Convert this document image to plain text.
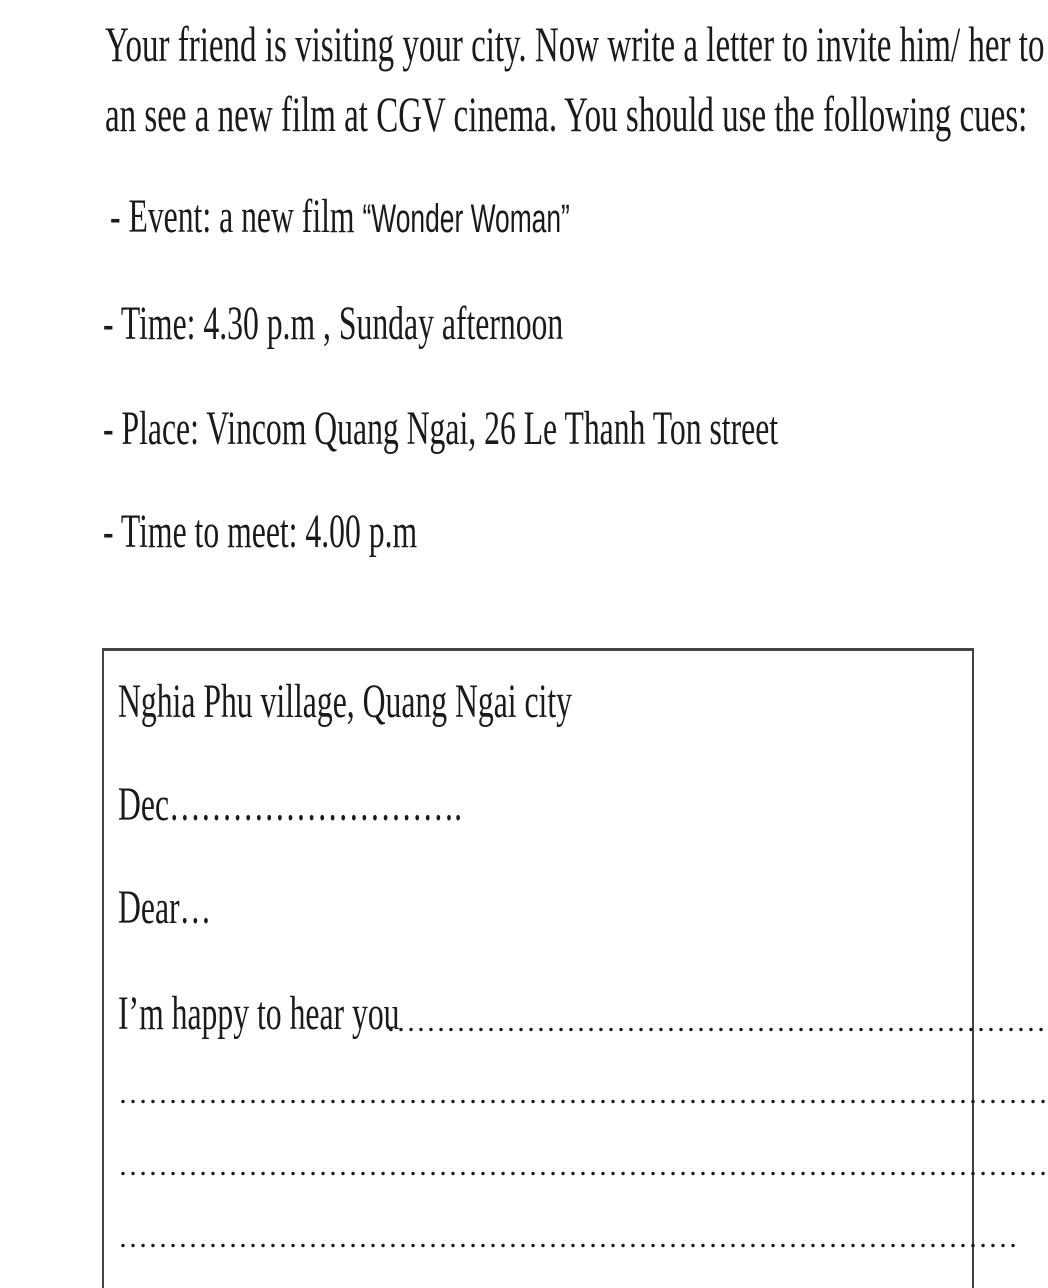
Your friend is visiting your city. Now write a letter to invite him/ her to
an see a new film at CGV cinema. You should use the following cues:
- Event: a new film “Wonder Woman”
- Time: 4.30 p.m , Sunday afternoon
- Place: Vincom Quang Ngai, 26 Le Thanh Ton street
- Time to meet: 4.00 p.m
Nghia Phu village, Quang Ngai city
Dec……………………….
Dear…
I’m happy to hear you
…………………………………………………………
…………………………………………………………………………………
…………………………………………………………………………………
………………………………………………………………………………
